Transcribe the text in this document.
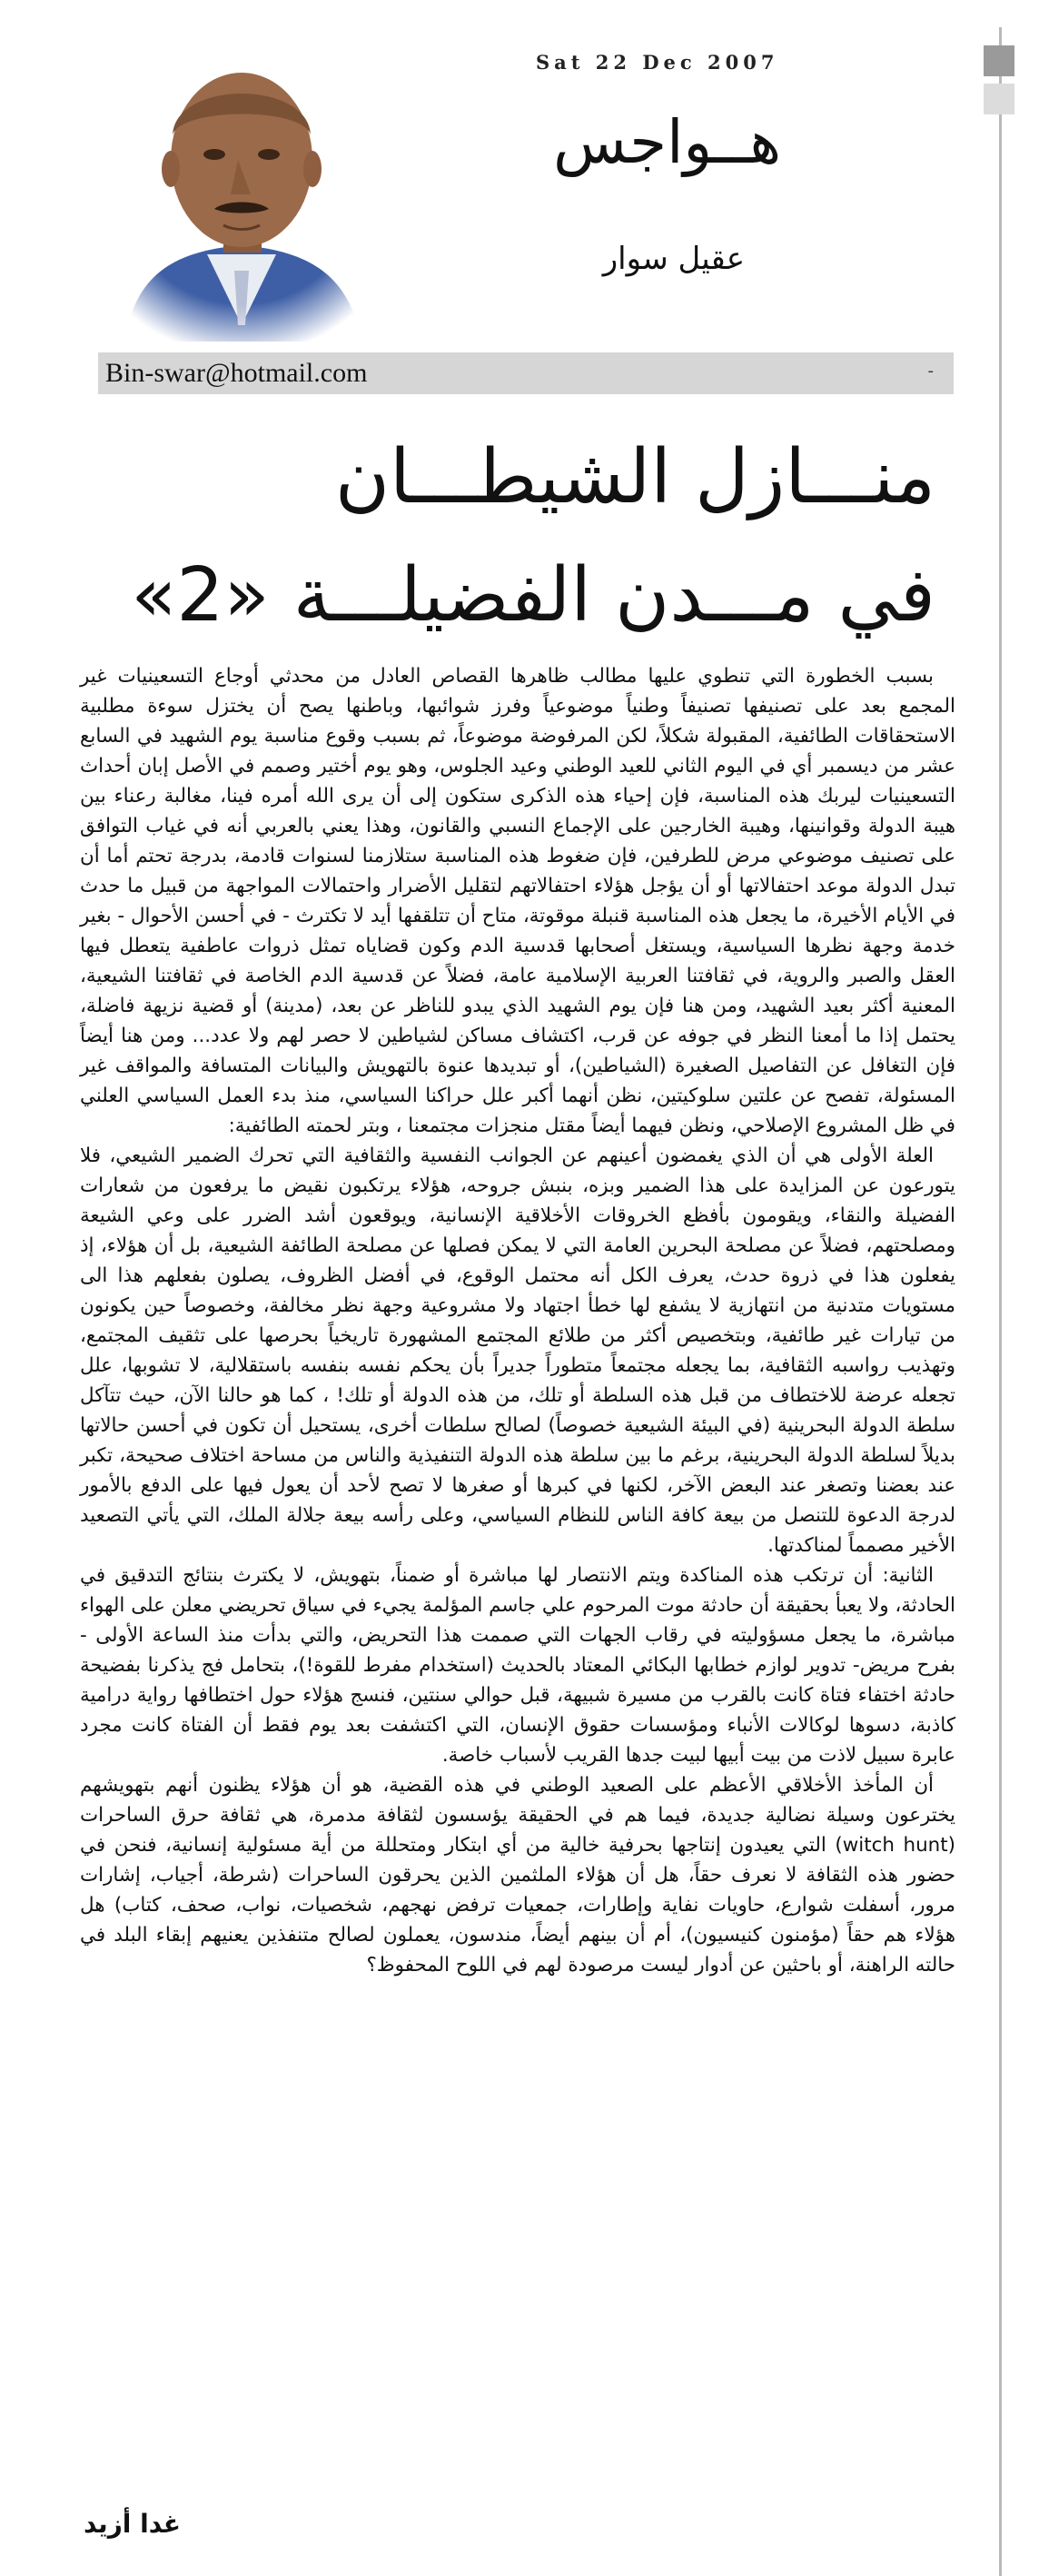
Sat 22 Dec 2007
هــواجس
عقيل سوار
Bin-swar@hotmail.com	-
منـــازل الشيطـــان
في مـــدن الفضيلـــة «2»

بسبب الخطورة التي تنطوي عليها مطالب ظاهرها القصاص العادل من محدثي أوجاع التسعينيات غير المجمع بعد على تصنيفها تصنيفاً وطنياً موضوعياً وفرز شوائبها، وباطنها يصح أن يختزل سوءة مطلبية الاستحقاقات الطائفية، المقبولة شكلاً، لكن المرفوضة موضوعاً، ثم بسبب وقوع مناسبة يوم الشهيد في السابع عشر من ديسمبر أي في اليوم الثاني للعيد الوطني وعيد الجلوس، وهو يوم أختير وصمم في الأصل إبان أحداث التسعينيات ليربك هذه المناسبة، فإن إحياء هذه الذكرى ستكون إلى أن يرى الله أمره فينا، مغالبة رعناء بين هيبة الدولة وقوانينها، وهيبة الخارجين على الإجماع النسبي والقانون، وهذا يعني بالعربي أنه في غياب التوافق على تصنيف موضوعي مرض للطرفين، فإن ضغوط هذه المناسبة ستلازمنا لسنوات قادمة، بدرجة تحتم أما أن تبدل الدولة موعد احتفالاتها أو أن يؤجل هؤلاء احتفالاتهم لتقليل الأضرار واحتمالات المواجهة من قبيل ما حدث في الأيام الأخيرة، ما يجعل هذه المناسبة قنبلة موقوتة، متاح أن تتلقفها أيد لا تكترث - في أحسن الأحوال - بغير خدمة وجهة نظرها السياسية، ويستغل أصحابها قدسية الدم وكون قضاياه تمثل ذروات عاطفية يتعطل فيها العقل والصبر والروية، في ثقافتنا العربية الإسلامية عامة، فضلاً عن قدسية الدم الخاصة في ثقافتنا الشيعية، المعنية أكثر بعيد الشهيد، ومن هنا فإن يوم الشهيد الذي يبدو للناظر عن بعد، (مدينة) أو قضية نزيهة فاضلة، يحتمل إذا ما أمعنا النظر في جوفه عن قرب، اكتشاف مساكن لشياطين لا حصر لهم ولا عدد... ومن هنا أيضاً فإن التغافل عن التفاصيل الصغيرة (الشياطين)، أو تبديدها عنوة بالتهويش والبيانات المتسافة والمواقف غير المسئولة، تفصح عن علتين سلوكيتين، نظن أنهما أكبر علل حراكنا السياسي، منذ بدء العمل السياسي العلني في ظل المشروع الإصلاحي، ونظن فيهما أيضاً مقتل منجزات مجتمعنا ، وبتر لحمته الطائفية:

العلة الأولى هي أن الذي يغمضون أعينهم عن الجوانب النفسية والثقافية التي تحرك الضمير الشيعي، فلا يتورعون عن المزايدة على هذا الضمير وبزه، بنبش جروحه، هؤلاء يرتكبون نقيض ما يرفعون من شعارات الفضيلة والنقاء، ويقومون بأفظع الخروقات الأخلاقية الإنسانية، ويوقعون أشد الضرر على وعي الشيعة ومصلحتهم، فضلاً عن مصلحة البحرين العامة التي لا يمكن فصلها عن مصلحة الطائفة الشيعية، بل أن هؤلاء، إذ يفعلون هذا في ذروة حدث، يعرف الكل أنه محتمل الوقوع، في أفضل الظروف، يصلون بفعلهم هذا الى مستويات متدنية من انتهازية لا يشفع لها خطأ اجتهاد ولا مشروعية وجهة نظر مخالفة، وخصوصاً حين يكونون من تيارات غير طائفية، وبتخصيص أكثر من طلائع المجتمع المشهورة تاريخياً بحرصها على تثقيف المجتمع، وتهذيب رواسبه الثقافية، بما يجعله مجتمعاً متطوراً جديراً بأن يحكم نفسه بنفسه باستقلالية، لا تشوبها، علل تجعله عرضة للاختطاف من قبل هذه السلطة أو تلك، من هذه الدولة أو تلك! ، كما هو حالنا الآن، حيث تتآكل سلطة الدولة البحرينية (في البيئة الشيعية خصوصاً) لصالح سلطات أخرى، يستحيل أن تكون في أحسن حالاتها بديلاً لسلطة الدولة البحرينية، برغم ما بين سلطة هذه الدولة التنفيذية والناس من مساحة اختلاف صحيحة، تكبر عند بعضنا وتصغر عند البعض الآخر، لكنها في كبرها أو صغرها لا تصح لأحد أن يعول فيها على الدفع بالأمور لدرجة الدعوة للتنصل من بيعة كافة الناس للنظام السياسي، وعلى رأسه بيعة جلالة الملك، التي يأتي التصعيد الأخير مصمماً لمناكدتها.

الثانية: أن ترتكب هذه المناكدة ويتم الانتصار لها مباشرة أو ضمناً، بتهويش، لا يكترث بنتائج التدقيق في الحادثة، ولا يعبأ بحقيقة أن حادثة موت المرحوم علي جاسم المؤلمة يجيء في سياق تحريضي معلن على الهواء مباشرة، ما يجعل مسؤوليته في رقاب الجهات التي صممت هذا التحريض، والتي بدأت منذ الساعة الأولى - بفرح مريض- تدوير لوازم خطابها البكائي المعتاد بالحديث (استخدام مفرط للقوة!)، بتحامل فج يذكرنا بفضيحة حادثة اختفاء فتاة كانت بالقرب من مسيرة شبيهة، قبل حوالي سنتين، فنسج هؤلاء حول اختطافها رواية درامية كاذبة، دسوها لوكالات الأنباء ومؤسسات حقوق الإنسان، التي اكتشفت بعد يوم فقط أن الفتاة كانت مجرد عابرة سبيل لاذت من بيت أبيها لبيت جدها القريب لأسباب خاصة.

أن المأخذ الأخلاقي الأعظم على الصعيد الوطني في هذه القضية، هو أن هؤلاء يظنون أنهم بتهويشهم يخترعون وسيلة نضالية جديدة، فيما هم في الحقيقة يؤسسون لثقافة مدمرة، هي ثقافة حرق الساحرات (witch hunt) التي يعيدون إنتاجها بحرفية خالية من أي ابتكار ومتحللة من أية مسئولية إنسانية، فنحن في حضور هذه الثقافة لا نعرف حقاً، هل أن هؤلاء الملثمين الذين يحرقون الساحرات (شرطة، أجياب، إشارات مرور، أسفلت شوارع، حاويات نفاية وإطارات، جمعيات ترفض نهجهم، شخصيات، نواب، صحف، كتاب) هل هؤلاء هم حقاً (مؤمنون كنيسيون)، أم أن بينهم أيضاً، مندسون، يعملون لصالح متنفذين يعنيهم إبقاء البلد في حالته الراهنة، أو باحثين عن أدوار ليست مرصودة لهم في اللوح المحفوظ؟

غدا أزيد
